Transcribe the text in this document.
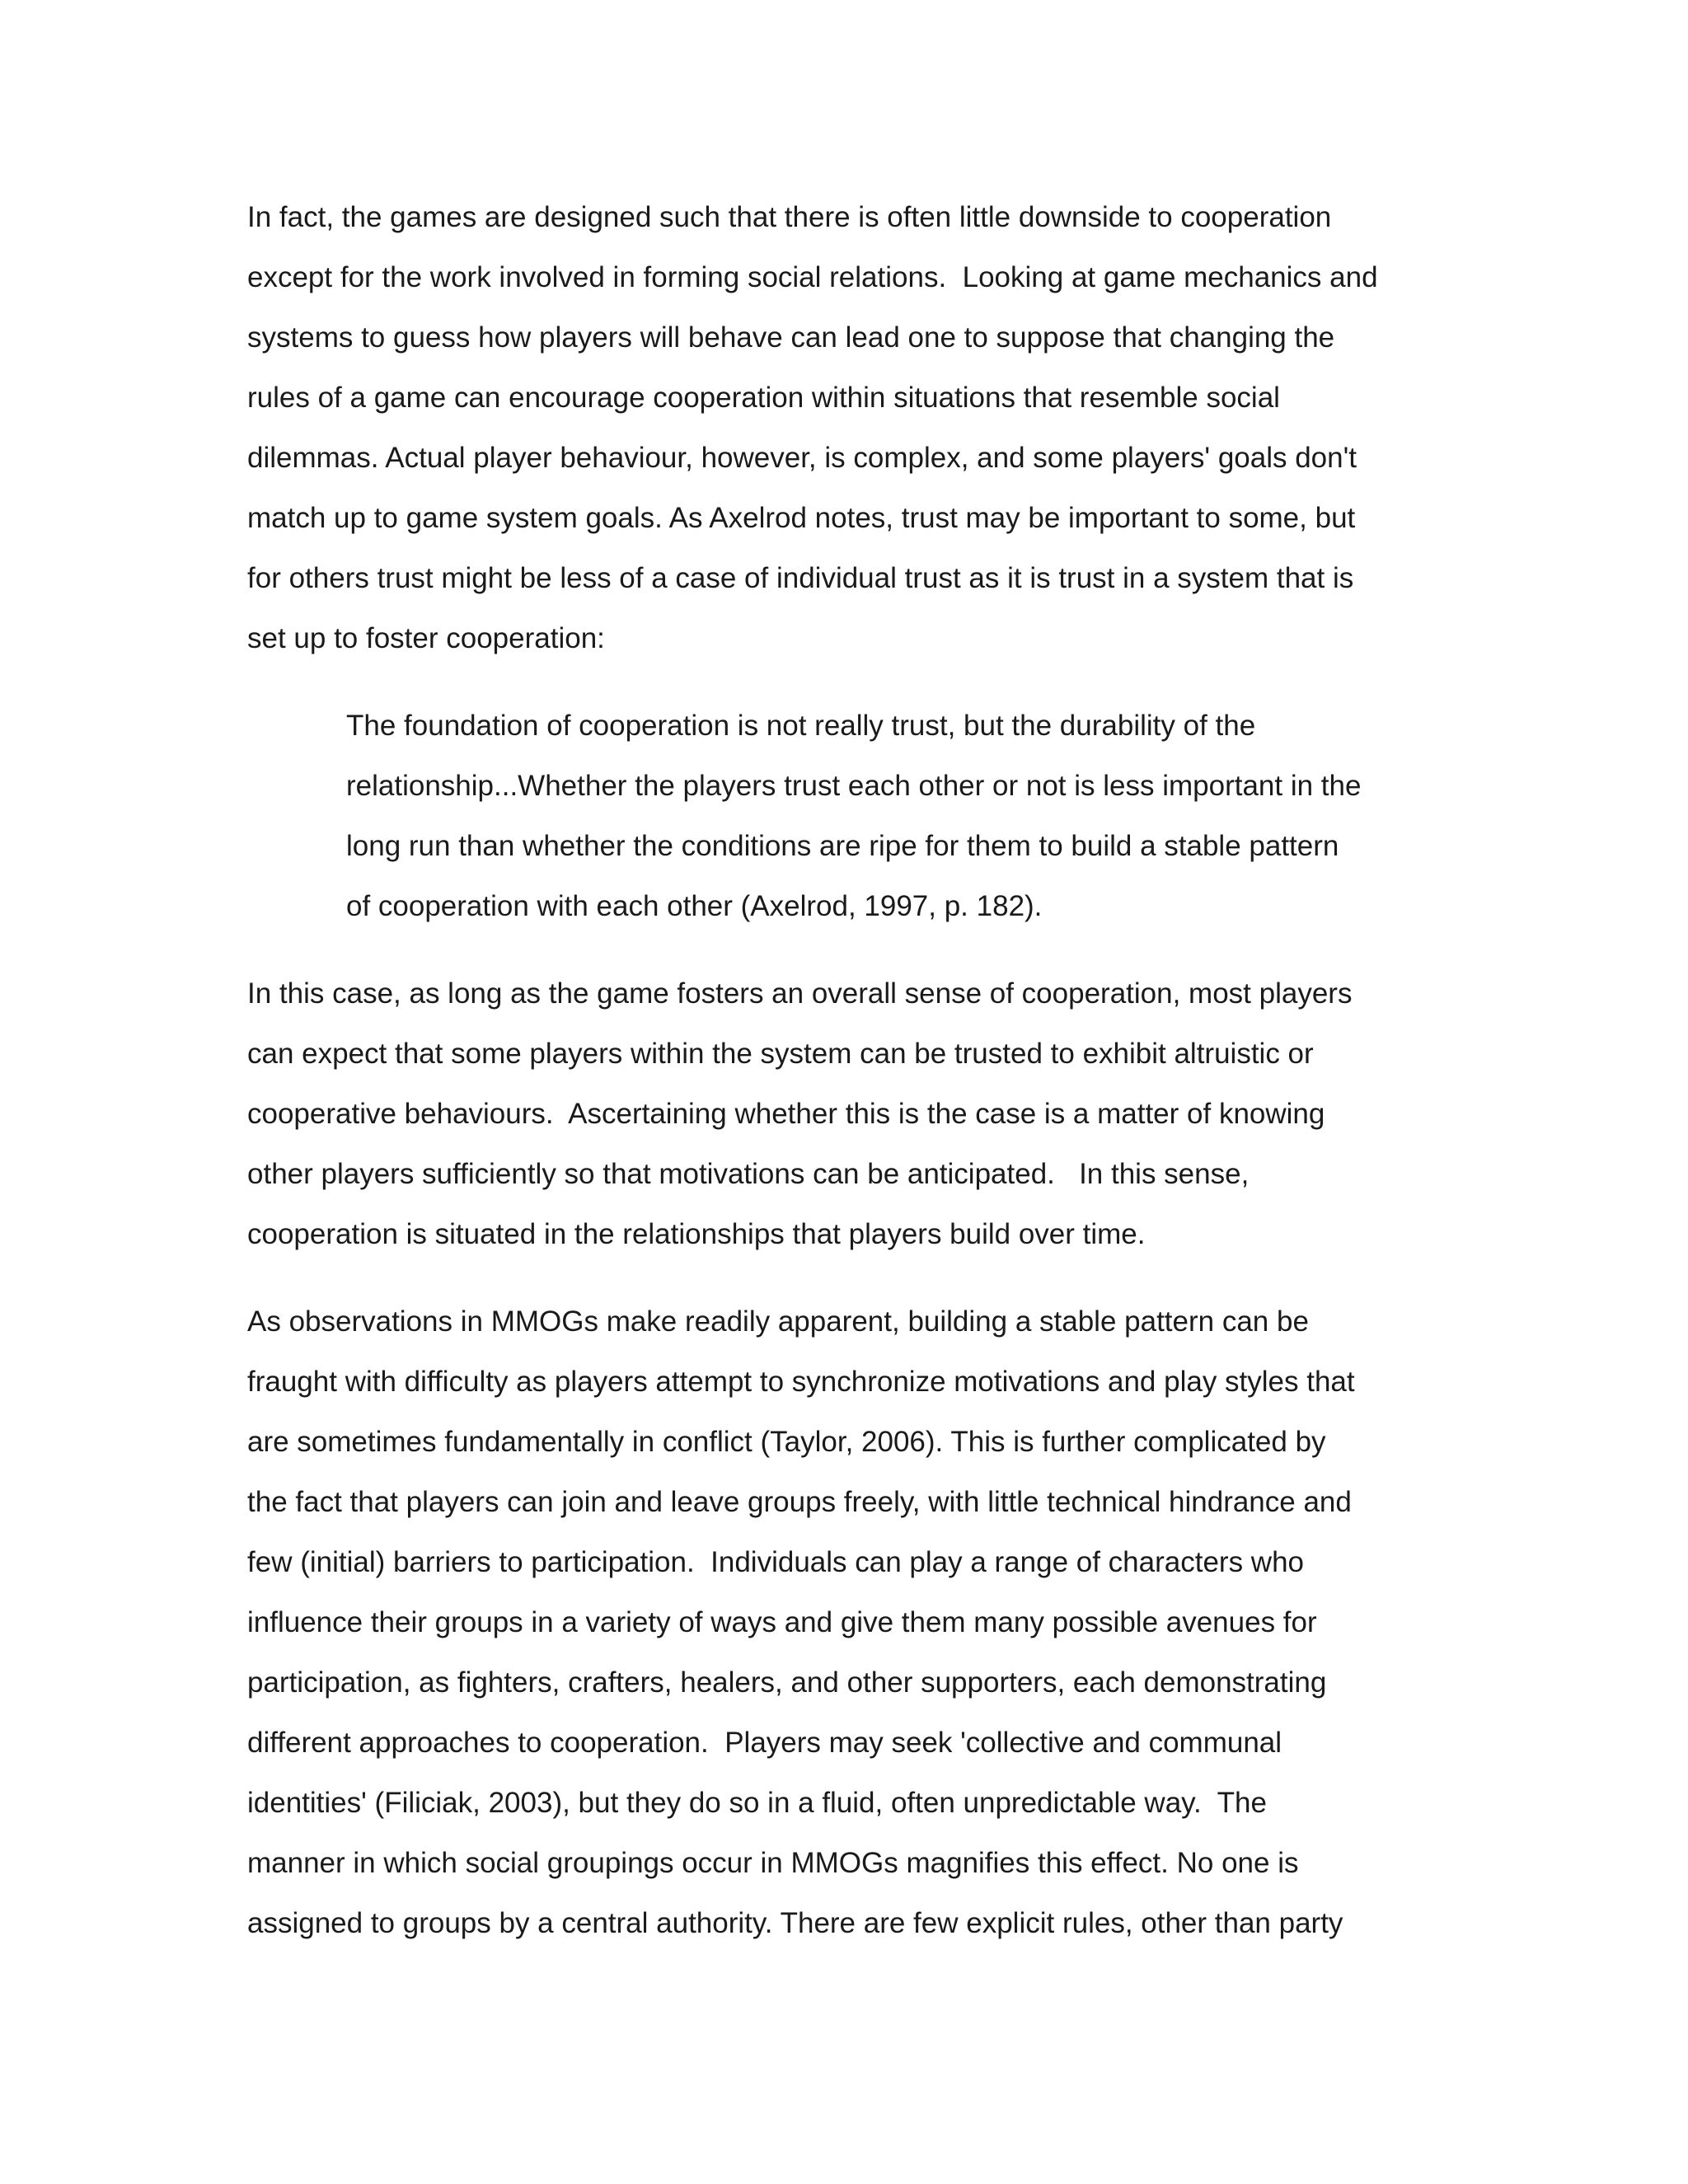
In fact, the games are designed such that there is often little downside to cooperation

except for the work involved in forming social relations.  Looking at game mechanics and

systems to guess how players will behave can lead one to suppose that changing the

rules of a game can encourage cooperation within situations that resemble social

dilemmas. Actual player behaviour, however, is complex, and some players' goals don't

match up to game system goals. As Axelrod notes, trust may be important to some, but

for others trust might be less of a case of individual trust as it is trust in a system that is

set up to foster cooperation:

The foundation of cooperation is not really trust, but the durability of the

relationship...Whether the players trust each other or not is less important in the

long run than whether the conditions are ripe for them to build a stable pattern

of cooperation with each other (Axelrod, 1997, p. 182).

In this case, as long as the game fosters an overall sense of cooperation, most players

can expect that some players within the system can be trusted to exhibit altruistic or

cooperative behaviours.  Ascertaining whether this is the case is a matter of knowing

other players sufficiently so that motivations can be anticipated.   In this sense,

cooperation is situated in the relationships that players build over time.

As observations in MMOGs make readily apparent, building a stable pattern can be

fraught with difficulty as players attempt to synchronize motivations and play styles that

are sometimes fundamentally in conflict (Taylor, 2006). This is further complicated by

the fact that players can join and leave groups freely, with little technical hindrance and

few (initial) barriers to participation.  Individuals can play a range of characters who

influence their groups in a variety of ways and give them many possible avenues for

participation, as fighters, crafters, healers, and other supporters, each demonstrating

different approaches to cooperation.  Players may seek 'collective and communal

identities' (Filiciak, 2003), but they do so in a fluid, often unpredictable way.  The

manner in which social groupings occur in MMOGs magnifies this effect. No one is

assigned to groups by a central authority. There are few explicit rules, other than party
